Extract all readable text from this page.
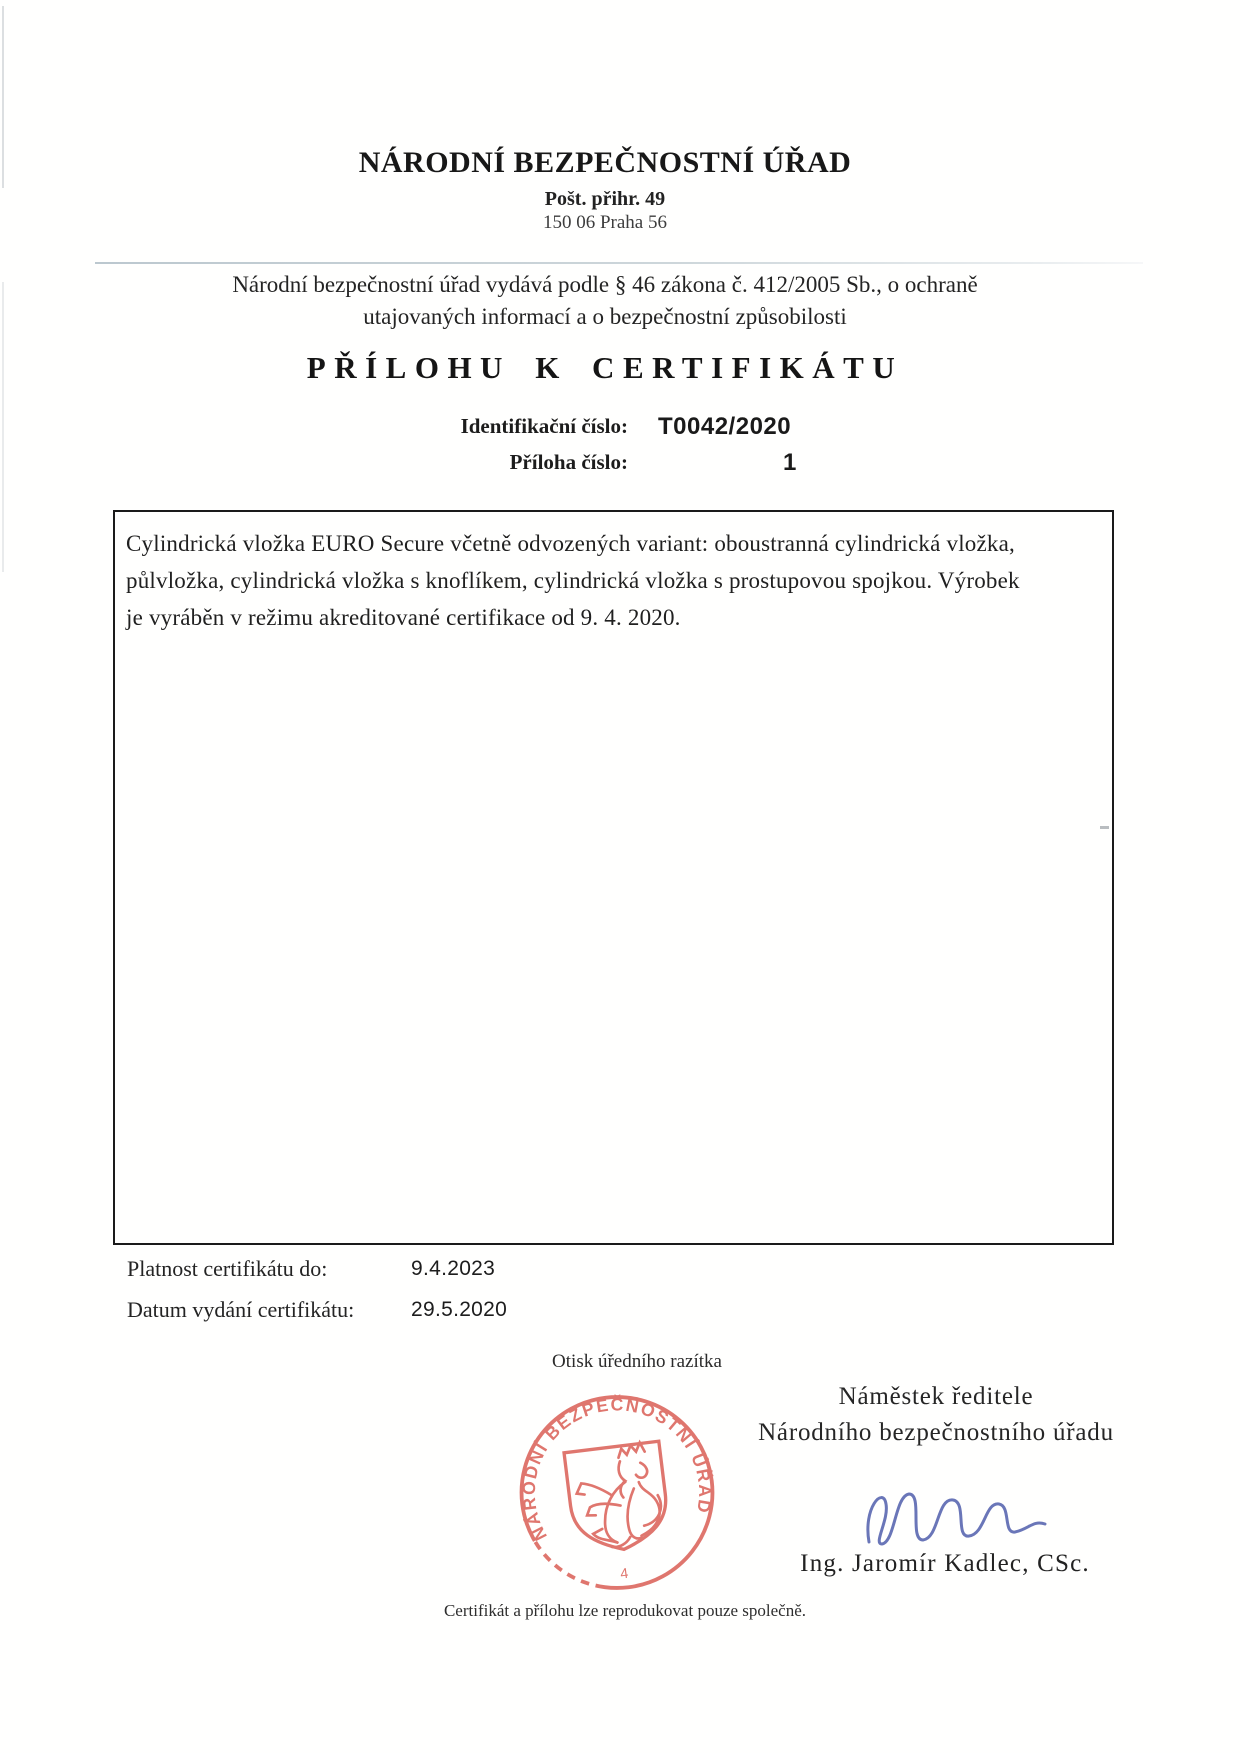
NÁRODNÍ BEZPEČNOSTNÍ ÚŘAD
Pošt. přihr. 49
150 06 Praha 56
Národní bezpečnostní úřad vydává podle § 46 zákona č. 412/2005 Sb., o ochraně
utajovaných informací a o bezpečnostní způsobilosti
PŘÍLOHU K CERTIFIKÁTU
Identifikační číslo: T0042/2020
Příloha číslo:	1
Cylindrická vložka EURO Secure včetně odvozených variant: oboustranná cylindrická vložka,
půlvložka, cylindrická vložka s knoflíkem, cylindrická vložka s prostupovou spojkou. Výrobek
je vyráběn v režimu akreditované certifikace od 9. 4. 2020.
Platnost certifikátu do:	9.4.2023
Datum vydání certifikátu:	29.5.2020
Otisk úředního razítka
NÁRODNÍ BEZPEČNOSTNÍ ÚŘAD
4
Náměstek ředitele
Národního bezpečnostního úřadu
Ing. Jaromír Kadlec, CSc.
Certifikát a přílohu lze reprodukovat pouze společně.
